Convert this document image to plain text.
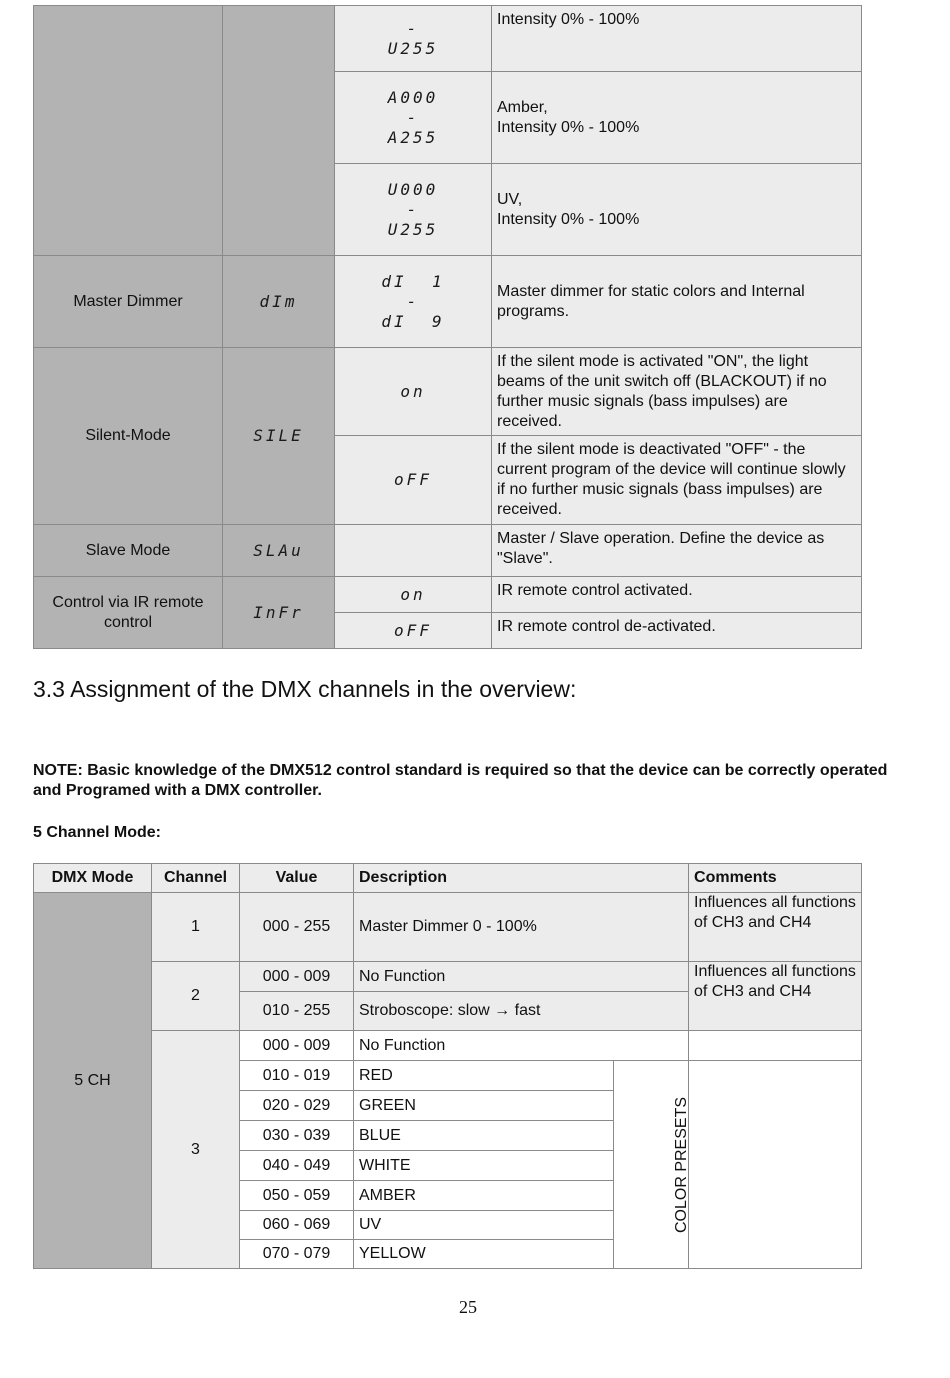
		-
U255	Intensity 0% - 100%

		A000
-
A255	Amber,
Intensity 0% - 100%

		U000
-
U255	UV,
Intensity 0% - 100%
Master Dimmer	dIm	dI  1
-
dI  9	Master dimmer for static colors and Internal programs.
Silent-Mode	SILE	on	If the silent mode is activated "ON", the light beams of the unit switch off (BLACKOUT) if no further music signals (bass impulses) are received.

		oFF	If the silent mode is deactivated "OFF" - the current program of the device will continue slowly if no further music signals (bass impulses) are received.
Slave Mode	SLAu		Master / Slave operation. Define the device as "Slave".
Control via IR remote control	InFr	on	IR remote control activated.

		oFF	IR remote control de-activated.
3.3 Assignment of the DMX channels in the overview:

NOTE: Basic knowledge of the DMX512 control standard is required so that the device can be correctly operated and Programed with a DMX controller.

5 Channel Mode:

DMX Mode	Channel	Value	Description		Comments
5 CH	1	000 - 255	Master Dimmer 0 - 100%		Influences all functions of CH3 and CH4
	2	000 - 009	No Function		Influences all functions of CH3 and CH4
		010 - 255	Stroboscope: slow → fast		
	3	000 - 009	No Function		
		010 - 019	RED	COLOR PRESETS	
		020 - 029	GREEN		
		030 - 039	BLUE		
		040 - 049	WHITE		
		050 - 059	AMBER		
		060 - 069	UV		
		070 - 079	YELLOW		
25
